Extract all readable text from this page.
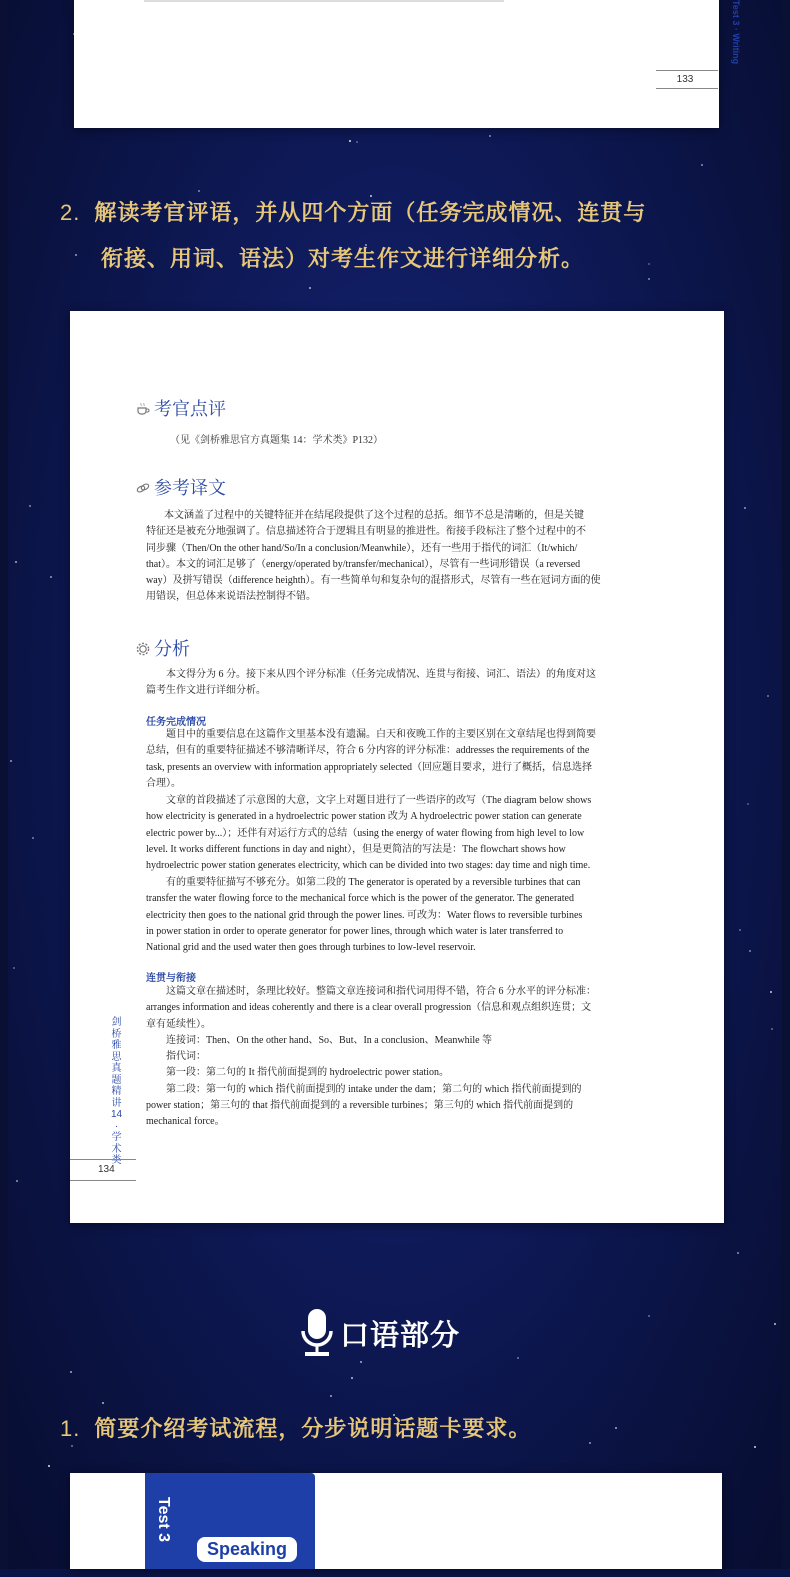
Test 3 · Writing
133
2. 解读考官评语，并从四个方面（任务完成情况、连贯与
衔接、用词、语法）对考生作文进行详细分析。
考官点评
（见《剑桥雅思官方真题集 14：学术类》P132）
参考译文
本文涵盖了过程中的关键特征并在结尾段提供了这个过程的总括。细节不总是清晰的，但是关键
特征还是被充分地强调了。信息描述符合于逻辑且有明显的推进性。衔接手段标注了整个过程中的不
同步骤（Then/On the other hand/So/In a conclusion/Meanwhile），还有一些用于指代的词汇（It/which/
that）。本文的词汇足够了（energy/operated by/transfer/mechanical），尽管有一些词形错误（a reversed
way）及拼写错误（difference heighth）。有一些简单句和复杂句的混搭形式，尽管有一些在冠词方面的使
用错误，但总体来说语法控制得不错。
分析
本文得分为 6 分。接下来从四个评分标准（任务完成情况、连贯与衔接、词汇、语法）的角度对这
篇考生作文进行详细分析。
任务完成情况
题目中的重要信息在这篇作文里基本没有遗漏。白天和夜晚工作的主要区别在文章结尾也得到简要
总结，但有的重要特征描述不够清晰详尽，符合 6 分内容的评分标准：addresses the requirements of the
task, presents an overview with information appropriately selected（回应题目要求，进行了概括，信息选择
合理）。
文章的首段描述了示意图的大意，文字上对题目进行了一些语序的改写（The diagram below shows
how electricity is generated in a hydroelectric power station 改为 A hydroelectric power station can generate
electric power by...）；还伴有对运行方式的总结（using the energy of water flowing from high level to low
level. It works different functions in day and night），但是更简洁的写法是：The flowchart shows how
hydroelectric power station generates electricity, which can be divided into two stages: day time and nigh time.
有的重要特征描写不够充分。如第二段的 The generator is operated by a reversible turbines that can
transfer the water flowing force to the mechanical force which is the power of the generator. The generated
electricity then goes to the national grid through the power lines. 可改为：Water flows to reversible turbines
in power station in order to operate generator for power lines, through which water is later transferred to
National grid and the used water then goes through turbines to low-level reservoir.
连贯与衔接
这篇文章在描述时，条理比较好。整篇文章连接词和指代词用得不错，符合 6 分水平的评分标准：
arranges information and ideas coherently and there is a clear overall progression（信息和观点组织连贯；文
章有延续性）。
连接词：Then、On the other hand、So、But、In a conclusion、Meanwhile 等
指代词：
第一段：第二句的 It 指代前面提到的 hydroelectric power station。
第二段：第一句的 which 指代前面提到的 intake under the dam；第二句的 which 指代前面提到的
power station；第三句的 that 指代前面提到的 a reversible turbines；第三句的 which 指代前面提到的
mechanical force。
剑桥雅思真题精讲14·学术类
134
口语部分
1. 简要介绍考试流程，分步说明话题卡要求。
Test 3
Speaking
